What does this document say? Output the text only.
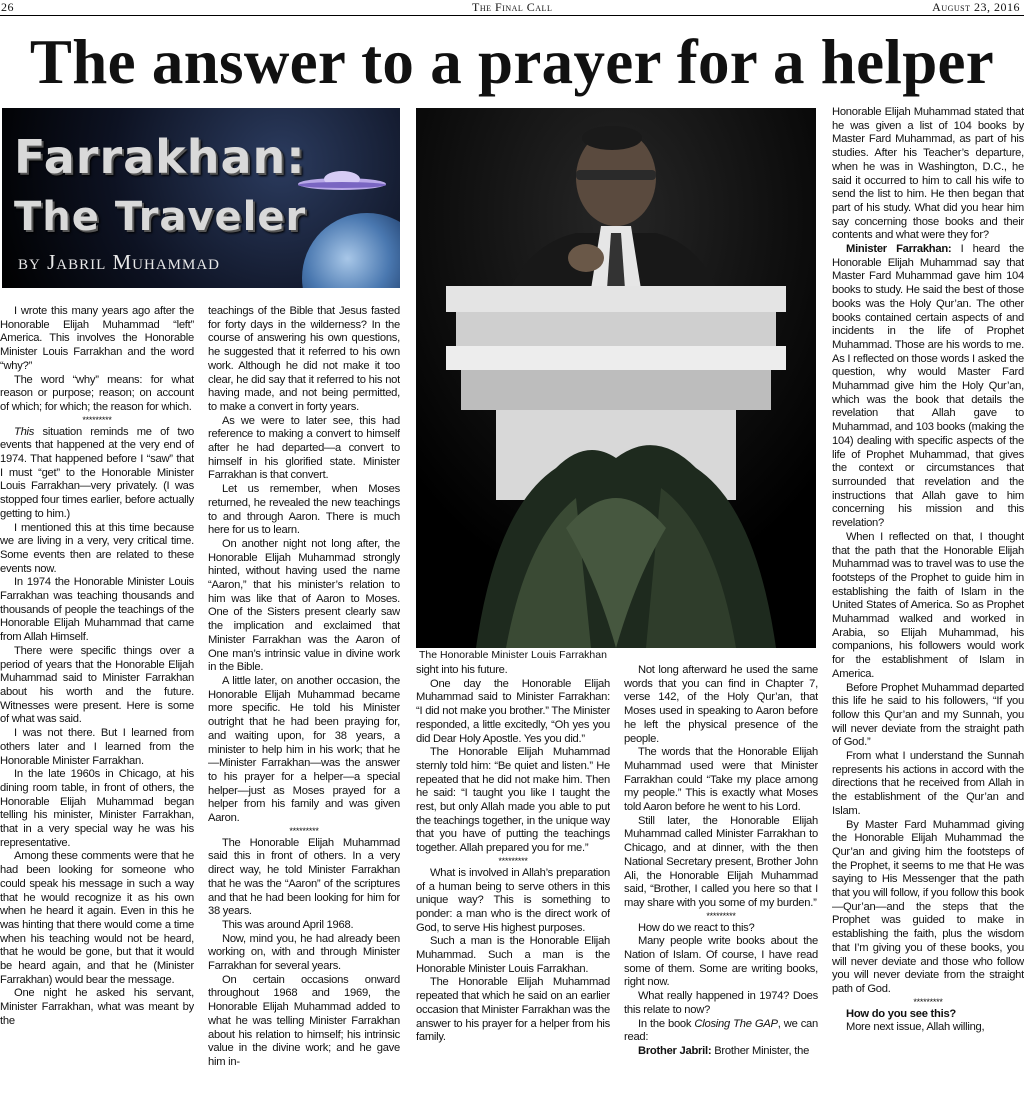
26	The Final Call	August 23, 2016
The answer to a prayer for a helper
Farrakhan:
The Traveler
by Jabril Muhammad
The Honorable Minister Louis Farrakhan

I wrote this many years ago after the Honorable Elijah Muhammad “left” America. This involves the Honorable Minister Louis Farrakhan and the word “why?”

The word “why” means: for what reason or purpose; reason; on account of which; for which; the reason for which.

*********

This situation reminds me of two events that happened at the very end of 1974. That happened before I “saw” that I must “get” to the Honorable Minister Louis Farrakhan—very privately. (I was stopped four times earlier, before actually getting to him.)

I mentioned this at this time because we are living in a very, very critical time. Some events then are related to these events now.

In 1974 the Honorable Minister Louis Farrakhan was teaching thousands and thousands of people the teachings of the Honorable Elijah Muhammad that came from Allah Himself.

There were specific things over a period of years that the Honorable Elijah Muhammad said to Minister Farrakhan about his worth and the future. Witnesses were present. Here is some of what was said.

I was not there. But I learned from others later and I learned from the Honorable Minister Farrakhan.

In the late 1960s in Chicago, at his dining room table, in front of others, the Honorable Elijah Muhammad began telling his minister, Minister Farrakhan, that in a very special way he was his representative.

Among these comments were that he had been looking for someone who could speak his message in such a way that he would recognize it as his own when he heard it again. Even in this he was hinting that there would come a time when his teaching would not be heard, that he would be gone, but that it would be heard again, and that he (Minister Farrakhan) would bear the message.

One night he asked his servant, Minister Farrakhan, what was meant by the

teachings of the Bible that Jesus fasted for forty days in the wilderness? In the course of answering his own questions, he suggested that it referred to his own work. Although he did not make it too clear, he did say that it referred to his not having made, and not being permitted, to make a convert in forty years.

As we were to later see, this had reference to making a convert to himself after he had departed—a convert to himself in his glorified state. Minister Farrakhan is that convert.

Let us remember, when Moses returned, he revealed the new teachings to and through Aaron. There is much here for us to learn.

On another night not long after, the Honorable Elijah Muhammad strongly hinted, without having used the name “Aaron,” that his minister’s relation to him was like that of Aaron to Moses. One of the Sisters present clearly saw the implication and exclaimed that Minister Farrakhan was the Aaron of One man’s intrinsic value in divine work in the Bible.

A little later, on another occasion, the Honorable Elijah Muhammad became more specific. He told his Minister outright that he had been praying for, and waiting upon, for 38 years, a minister to help him in his work; that he—Minister Farrakhan—was the answer to his prayer for a helper—a special helper—just as Moses prayed for a helper from his family and was given Aaron.

*********

The Honorable Elijah Muhammad said this in front of others. In a very direct way, he told Minister Farrakhan that he was the “Aaron” of the scriptures and that he had been looking for him for 38 years.

This was around April 1968.

Now, mind you, he had already been working on, with and through Minister Farrakhan for several years.

On certain occasions onward throughout 1968 and 1969, the Honorable Elijah Muhammad added to what he was telling Minister Farrakhan about his relation to himself; his intrinsic value in the divine work; and he gave him in-

sight into his future.

One day the Honorable Elijah Muhammad said to Minister Farrakhan: “I did not make you brother.” The Minister responded, a little excitedly, “Oh yes you did Dear Holy Apostle. Yes you did.”

The Honorable Elijah Muhammad sternly told him: “Be quiet and listen.” He repeated that he did not make him. Then he said: “I taught you like I taught the rest, but only Allah made you able to put the teachings together, in the unique way that you have of putting the teachings together. Allah prepared you for me.”

*********

What is involved in Allah’s preparation of a human being to serve others in this unique way? This is something to ponder: a man who is the direct work of God, to serve His highest purposes.

Such a man is the Honorable Elijah Muhammad. Such a man is the Honorable Minister Louis Farrakhan.

The Honorable Elijah Muhammad repeated that which he said on an earlier occasion that Minister Farrakhan was the answer to his prayer for a helper from his family.

Not long afterward he used the same words that you can find in Chapter 7, verse 142, of the Holy Qur’an, that Moses used in speaking to Aaron before he left the physical presence of the people.

The words that the Honorable Elijah Muhammad used were that Minister Farrakhan could “Take my place among my people.” This is exactly what Moses told Aaron before he went to his Lord.

Still later, the Honorable Elijah Muhammad called Minister Farrakhan to Chicago, and at dinner, with the then National Secretary present, Brother John Ali, the Honorable Elijah Muhammad said, “Brother, I called you here so that I may share with you some of my burden.”

*********

How do we react to this?

Many people write books about the Nation of Islam. Of course, I have read some of them. Some are writing books, right now.

What really happened in 1974? Does this relate to now?

In the book Closing The GAP, we can read:

Brother Jabril: Brother Minister, the

Honorable Elijah Muhammad stated that he was given a list of 104 books by Master Fard Muhammad, as part of his studies. After his Teacher’s departure, when he was in Washington, D.C., he said it occurred to him to call his wife to send the list to him. He then began that part of his study. What did you hear him say concerning those books and their contents and what were they for?

Minister Farrakhan: I heard the Honorable Elijah Muhammad say that Master Fard Muhammad gave him 104 books to study. He said the best of those books was the Holy Qur’an. The other books contained certain aspects of and incidents in the life of Prophet Muhammad. Those are his words to me. As I reflected on those words I asked the question, why would Master Fard Muhammad give him the Holy Qur’an, which was the book that details the revelation that Allah gave to Muhammad, and 103 books (making the 104) dealing with specific aspects of the life of Prophet Muhammad, that gives the context or circumstances that surrounded that revelation and the instructions that Allah gave to him concerning his mission and this revelation?

When I reflected on that, I thought that the path that the Honorable Elijah Muhammad was to travel was to use the footsteps of the Prophet to guide him in establishing the faith of Islam in the United States of America. So as Prophet Muhammad walked and worked in Arabia, so Elijah Muhammad, his companions, his followers would work for the establishment of Islam in America.

Before Prophet Muhammad departed this life he said to his followers, “If you follow this Qur’an and my Sunnah, you will never deviate from the straight path of God.”

From what I understand the Sunnah represents his actions in accord with the directions that he received from Allah in the establishment of the Qur’an and Islam.

By Master Fard Muhammad giving the Honorable Elijah Muhammad the Qur’an and giving him the footsteps of the Prophet, it seems to me that He was saying to His Messenger that the path that you will follow, if you follow this book—Qur’an—and the steps that the Prophet was guided to make in establishing the faith, plus the wisdom that I’m giving you of these books, you will never deviate and those who follow you will never deviate from the straight path of God.

*********

How do you see this?

More next issue, Allah willing,
